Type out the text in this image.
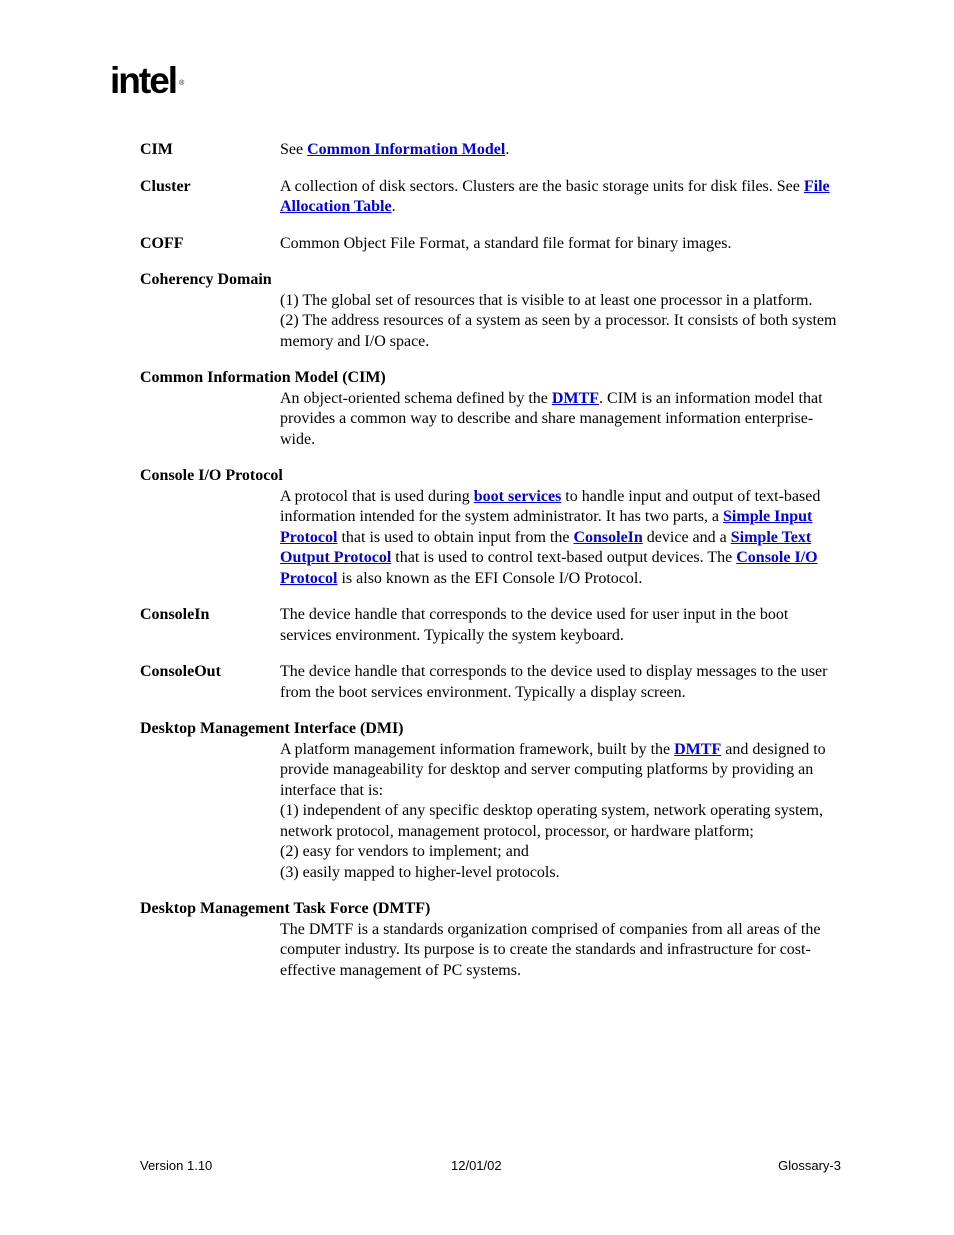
intel ®
CIM	See Common Information Model.
Cluster	A collection of disk sectors. Clusters are the basic storage units for disk files. See File Allocation Table.
COFF	Common Object File Format, a standard file format for binary images.
Coherency Domain
(1) The global set of resources that is visible to at least one processor in a platform.
(2) The address resources of a system as seen by a processor. It consists of both system memory and I/O space.
Common Information Model (CIM)
An object-oriented schema defined by the DMTF. CIM is an information model that provides a common way to describe and share management information enterprise-wide.
Console I/O Protocol
A protocol that is used during boot services to handle input and output of text-based information intended for the system administrator. It has two parts, a Simple Input Protocol that is used to obtain input from the ConsoleIn device and a Simple Text Output Protocol that is used to control text-based output devices. The Console I/O Protocol is also known as the EFI Console I/O Protocol.
ConsoleIn	The device handle that corresponds to the device used for user input in the boot services environment. Typically the system keyboard.
ConsoleOut	The device handle that corresponds to the device used to display messages to the user from the boot services environment. Typically a display screen.
Desktop Management Interface (DMI)
A platform management information framework, built by the DMTF and designed to provide manageability for desktop and server computing platforms by providing an interface that is:
(1) independent of any specific desktop operating system, network operating system, network protocol, management protocol, processor, or hardware platform;
(2) easy for vendors to implement; and
(3) easily mapped to higher-level protocols.
Desktop Management Task Force (DMTF)
The DMTF is a standards organization comprised of companies from all areas of the computer industry. Its purpose is to create the standards and infrastructure for cost-effective management of PC systems.
Version 1.10	12/01/02	Glossary-3
